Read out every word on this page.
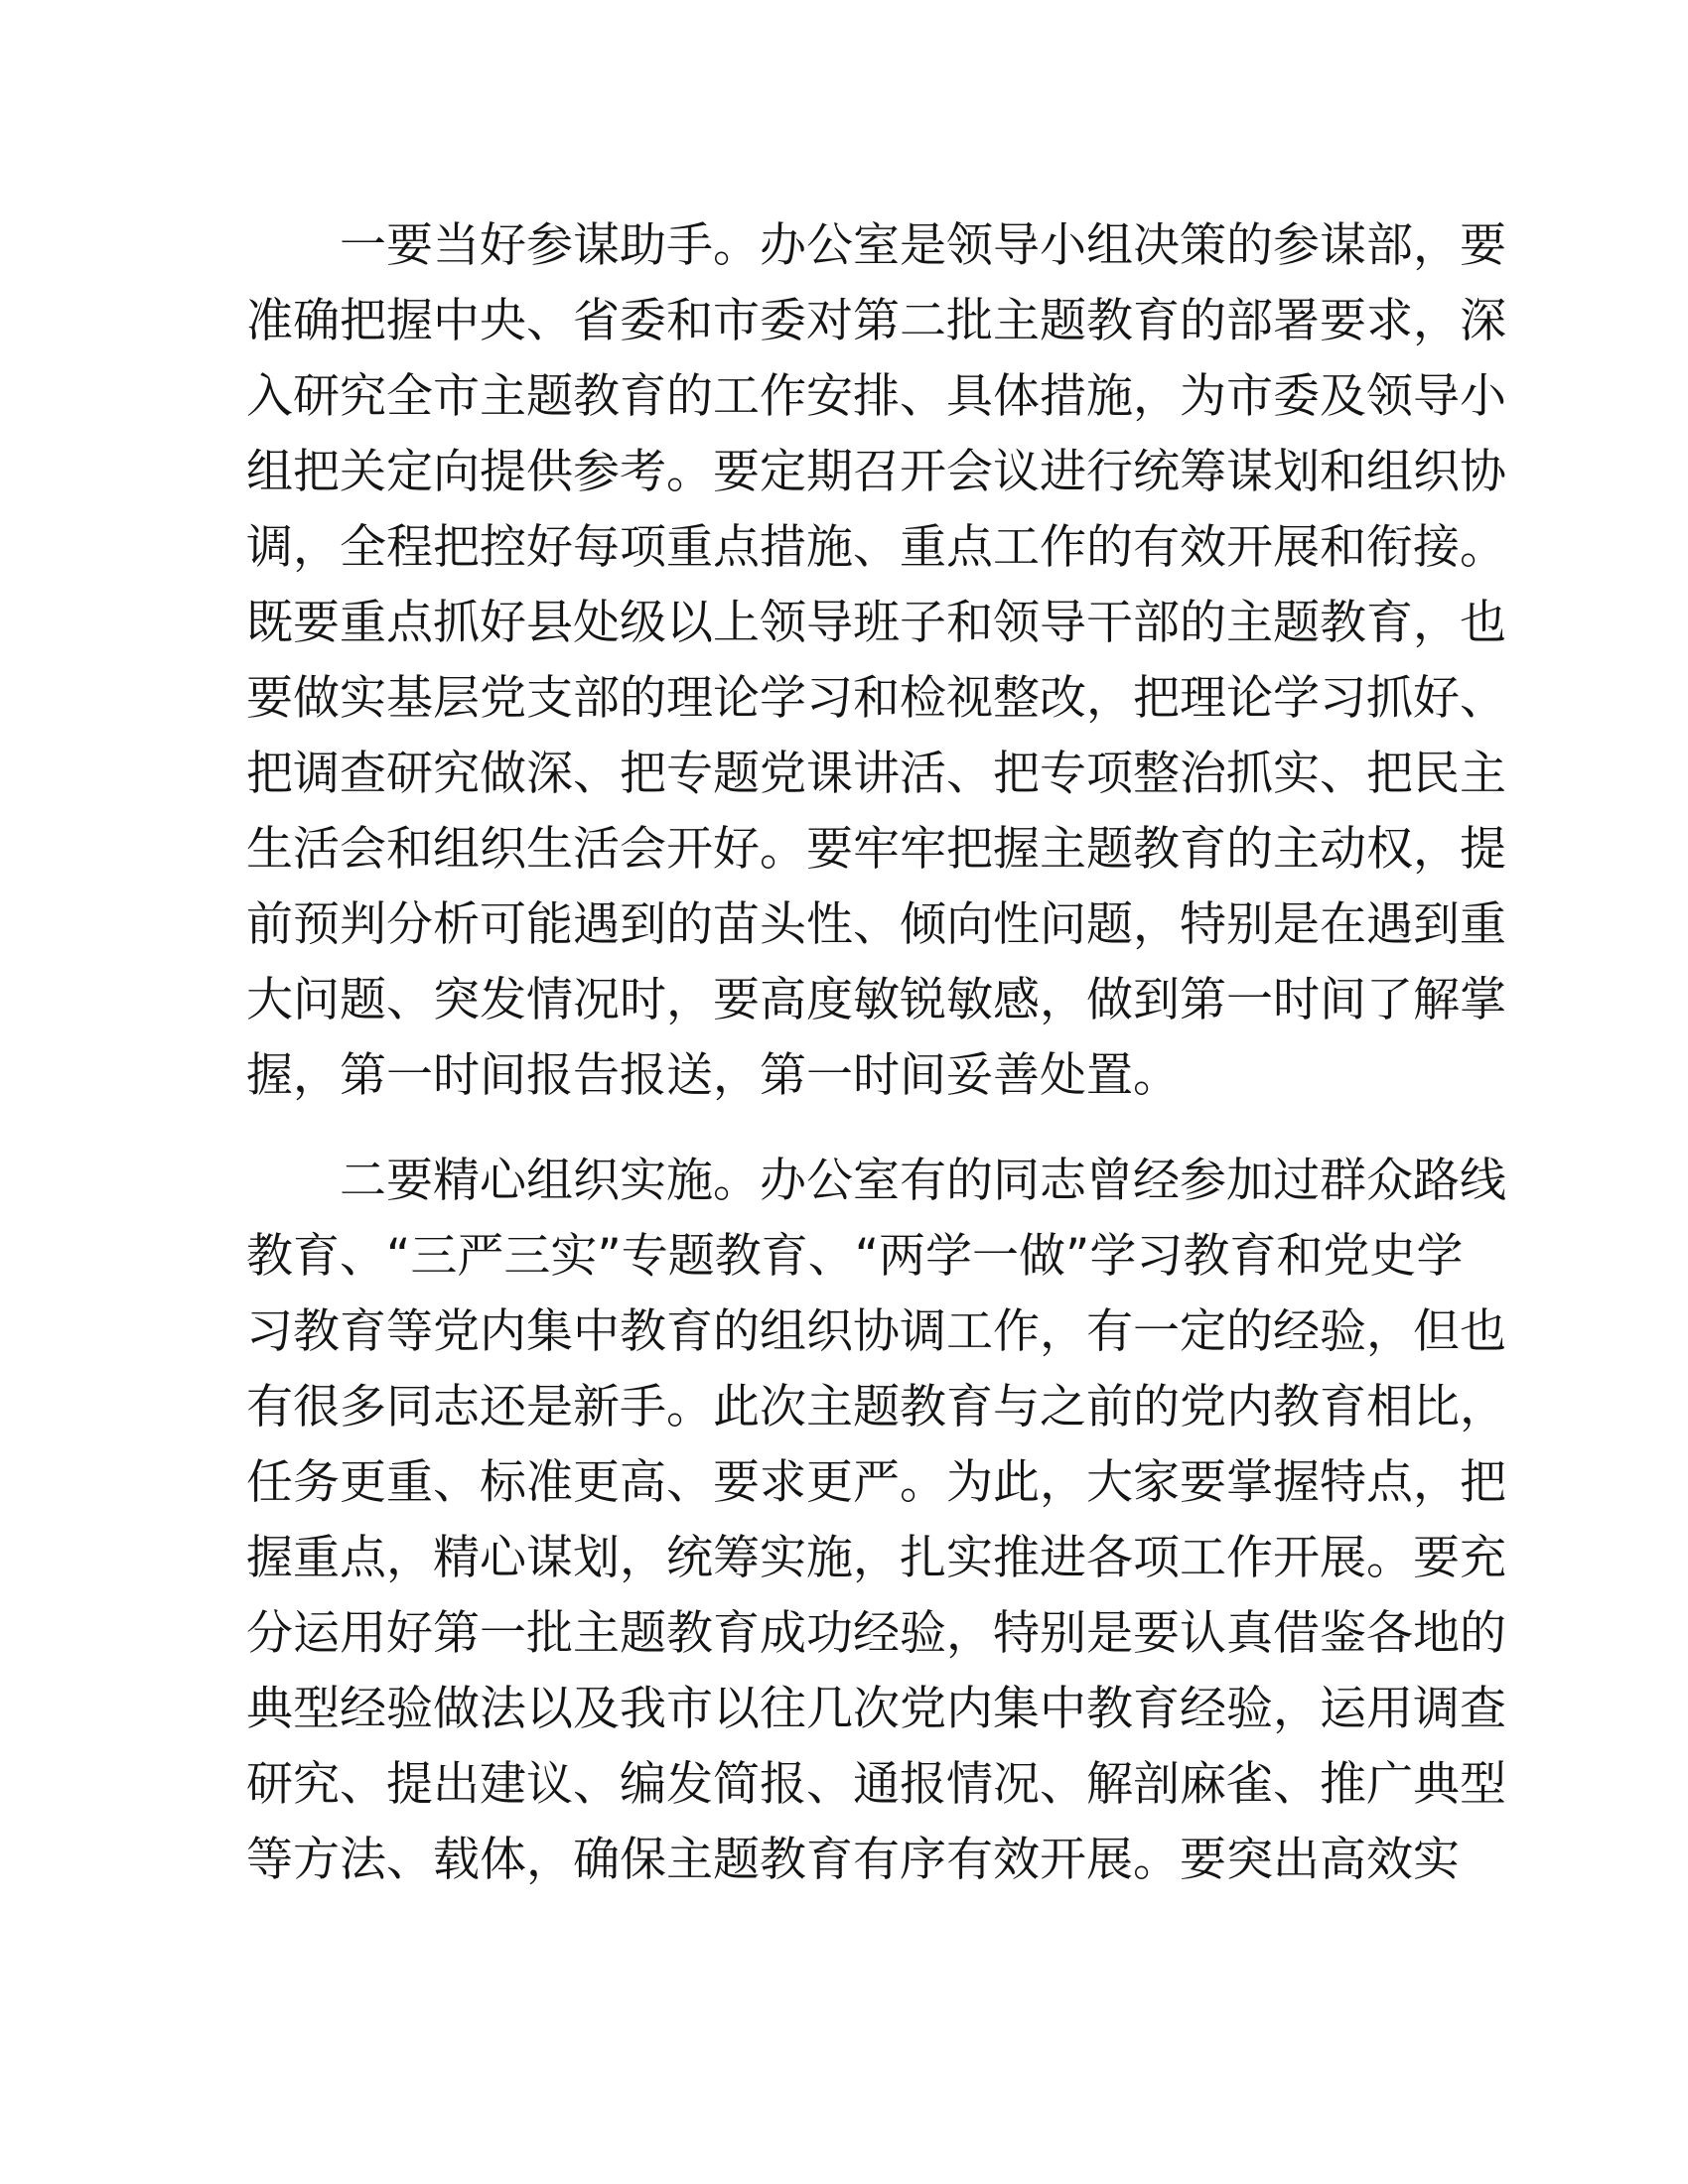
　　一要当好参谋助手。办公室是领导小组决策的参谋部，要
准确把握中央、省委和市委对第二批主题教育的部署要求，深
入研究全市主题教育的工作安排、具体措施，为市委及领导小
组把关定向提供参考。要定期召开会议进行统筹谋划和组织协
调，全程把控好每项重点措施、重点工作的有效开展和衔接。
既要重点抓好县处级以上领导班子和领导干部的主题教育，也
要做实基层党支部的理论学习和检视整改，把理论学习抓好、
把调查研究做深、把专题党课讲活、把专项整治抓实、把民主
生活会和组织生活会开好。要牢牢把握主题教育的主动权，提
前预判分析可能遇到的苗头性、倾向性问题，特别是在遇到重
大问题、突发情况时，要高度敏锐敏感，做到第一时间了解掌
握，第一时间报告报送，第一时间妥善处置。

　　二要精心组织实施。办公室有的同志曾经参加过群众路线
教育、“三严三实”专题教育、“两学一做”学习教育和党史学
习教育等党内集中教育的组织协调工作，有一定的经验，但也
有很多同志还是新手。此次主题教育与之前的党内教育相比，
任务更重、标准更高、要求更严。为此，大家要掌握特点，把
握重点，精心谋划，统筹实施，扎实推进各项工作开展。要充
分运用好第一批主题教育成功经验，特别是要认真借鉴各地的
典型经验做法以及我市以往几次党内集中教育经验，运用调查
研究、提出建议、编发简报、通报情况、解剖麻雀、推广典型
等方法、载体，确保主题教育有序有效开展。要突出高效实
